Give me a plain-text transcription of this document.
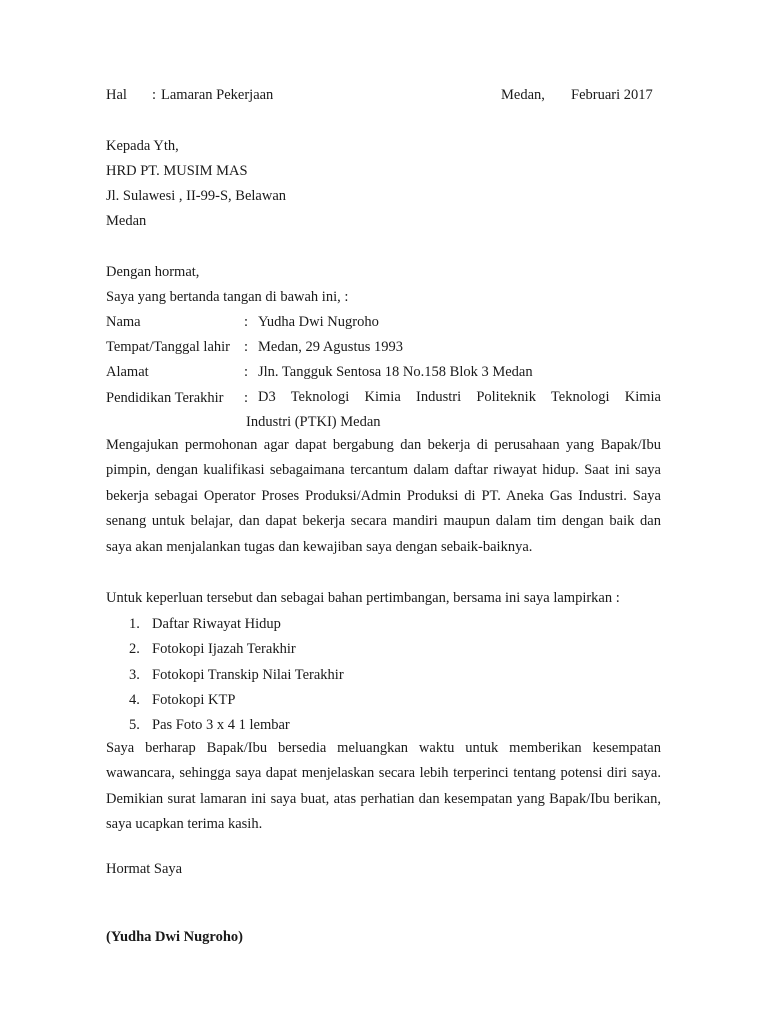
Hal : Lamaran Pekerjaan	Medan, Februari 2017
Kepada Yth,
HRD PT. MUSIM MAS
Jl. Sulawesi , II-99-S, Belawan
Medan
Dengan hormat,
Saya yang bertanda tangan di bawah ini, :
Nama	: Yudha Dwi Nugroho
Tempat/Tanggal lahir : Medan, 29 Agustus 1993
Alamat	: Jln. Tangguk Sentosa 18 No.158 Blok 3 Medan
Pendidikan Terakhir : D3 Teknologi Kimia Industri Politeknik Teknologi Kimia
Industri (PTKI) Medan
Mengajukan permohonan agar dapat bergabung dan bekerja di perusahaan yang Bapak/Ibu pimpin, dengan kualifikasi sebagaimana tercantum dalam daftar riwayat hidup. Saat ini saya bekerja sebagai Operator Proses Produksi/Admin Produksi di PT. Aneka Gas Industri. Saya senang untuk belajar, dan dapat bekerja secara mandiri maupun dalam tim dengan baik dan saya akan menjalankan tugas dan kewajiban saya dengan sebaik-baiknya.
Untuk keperluan tersebut dan sebagai bahan pertimbangan, bersama ini saya lampirkan :
1. Daftar Riwayat Hidup
2. Fotokopi Ijazah Terakhir
3. Fotokopi Transkip Nilai Terakhir
4. Fotokopi KTP
5. Pas Foto 3 x 4 1 lembar
Saya berharap Bapak/Ibu bersedia meluangkan waktu untuk memberikan kesempatan wawancara, sehingga saya dapat menjelaskan secara lebih terperinci tentang potensi diri saya. Demikian surat lamaran ini saya buat, atas perhatian dan kesempatan yang Bapak/Ibu berikan, saya ucapkan terima kasih.
Hormat Saya
(Yudha Dwi Nugroho)
